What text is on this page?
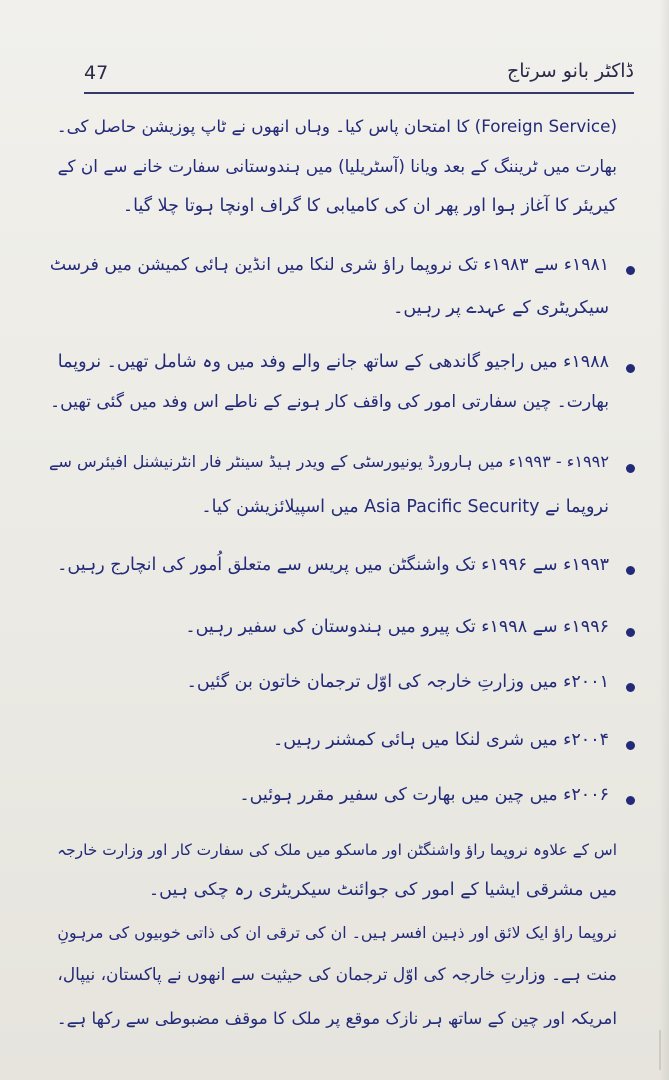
47	ڈاکٹر بانو سرتاج
(Foreign Service) کا امتحان پاس کیا۔ وہاں انھوں نے ٹاپ پوزیشن حاصل کی۔
بھارت میں ٹریننگ کے بعد ویانا (آسٹریلیا) میں ہندوستانی سفارت خانے سے ان کے
کیریئر کا آغاز ہوا اور پھر ان کی کامیابی کا گراف اونچا ہوتا چلا گیا۔
۱۹۸۱ء سے ۱۹۸۳ء تک نروپما راؤ شری لنکا میں انڈین ہائی کمیشن میں فرسٹ
سیکریٹری کے عہدے پر رہیں۔
۱۹۸۸ء میں راجیو گاندھی کے ساتھ جانے والے وفد میں وہ شامل تھیں۔ نروپما
بھارت۔ چین سفارتی امور کی واقف کار ہونے کے ناطے اس وفد میں گئی تھیں۔
۱۹۹۲ء - ۱۹۹۳ء میں ہارورڈ یونیورسٹی کے ویدر ہیڈ سینٹر فار انٹرنیشنل افیئرس سے
نروپما نے Asia Pacific Security میں اسپیلائزیشن کیا۔
۱۹۹۳ء سے ۱۹۹۶ء تک واشنگٹن میں پریس سے متعلق اُمور کی انچارج رہیں۔
۱۹۹۶ء سے ۱۹۹۸ء تک پیرو میں ہندوستان کی سفیر رہیں۔
۲۰۰۱ء میں وزارتِ خارجہ کی اوّل ترجمان خاتون بن گئیں۔
۲۰۰۴ء میں شری لنکا میں ہائی کمشنر رہیں۔
۲۰۰۶ء میں چین میں بھارت کی سفیر مقرر ہوئیں۔
اس کے علاوہ نروپما راؤ واشنگٹن اور ماسکو میں ملک کی سفارت کار اور وزارت خارجہ
میں مشرقی ایشیا کے امور کی جوائنٹ سیکریٹری رہ چکی ہیں۔
نروپما راؤ ایک لائق اور ذہین افسر ہیں۔ ان کی ترقی ان کی ذاتی خوبیوں کی مرہونِ
منت ہے۔ وزارتِ خارجہ کی اوّل ترجمان کی حیثیت سے انھوں نے پاکستان، نیپال،
امریکہ اور چین کے ساتھ ہر نازک موقع پر ملک کا موقف مضبوطی سے رکھا ہے۔
